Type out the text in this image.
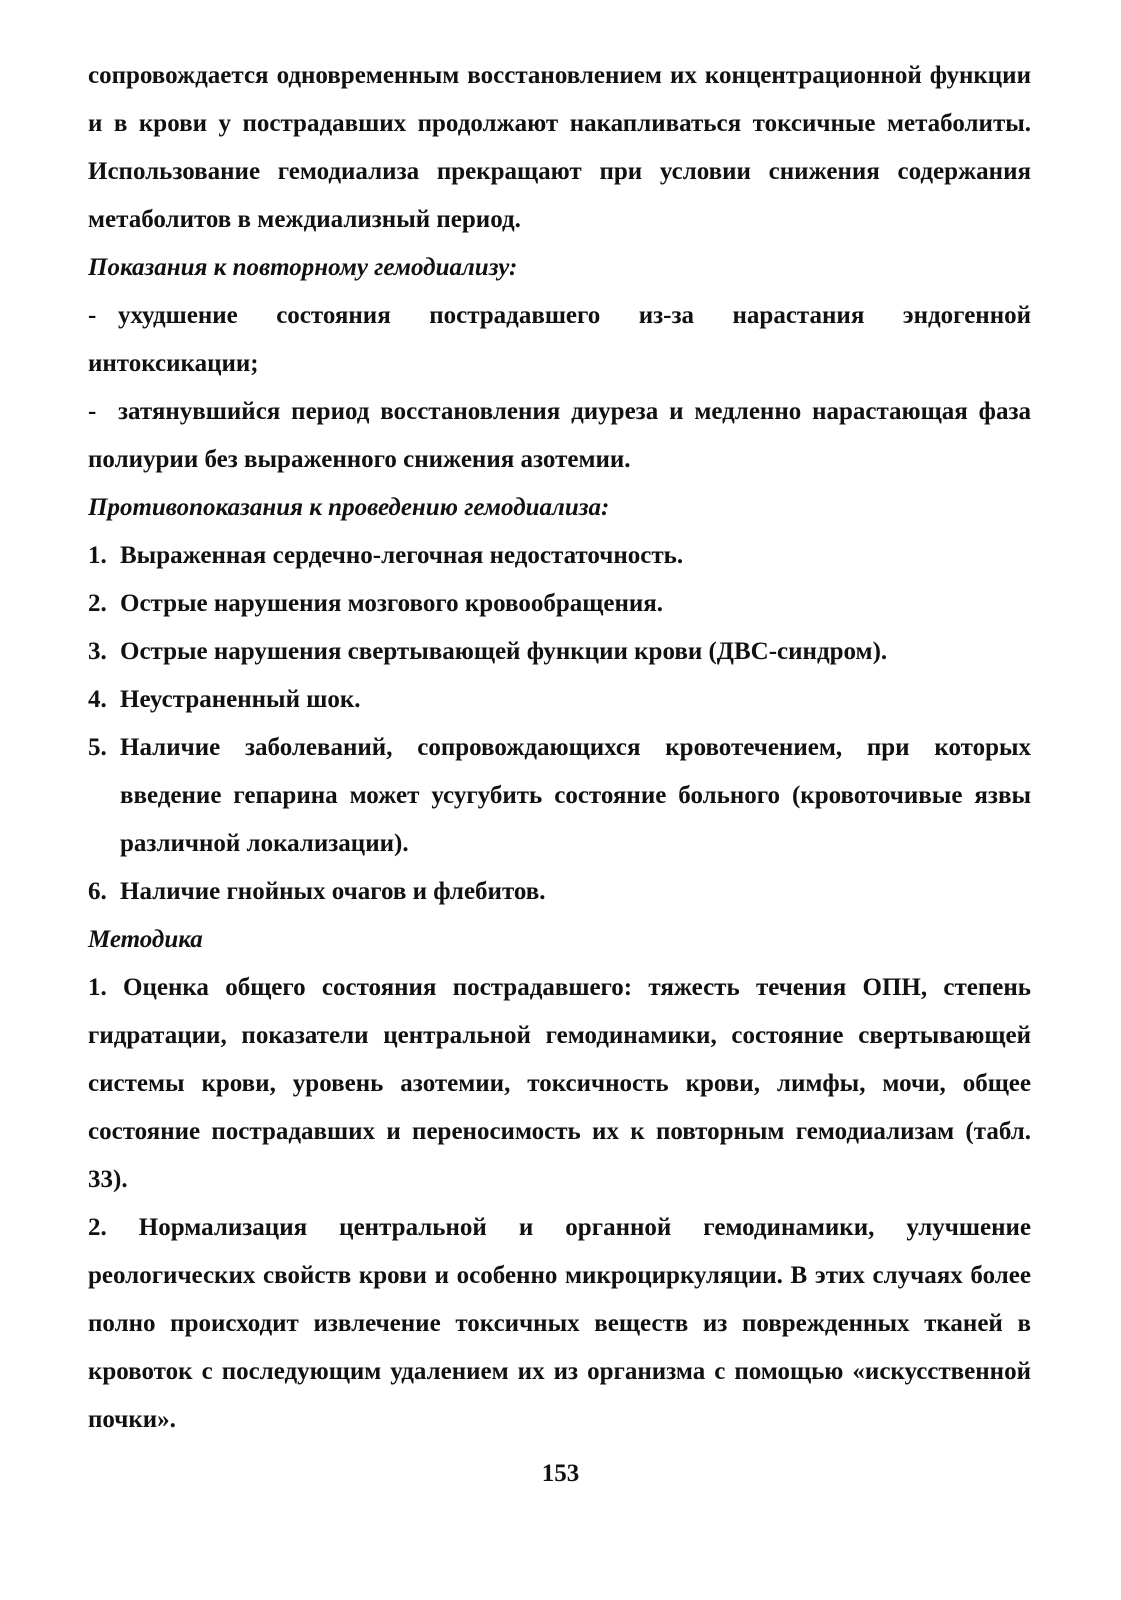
сопровождается одновременным восстановлением их концентрационной функции и в крови у пострадавших продолжают накапливаться токсичные метаболиты. Использование гемодиализа прекращают при условии снижения содержания метаболитов в междиализный период.

Показания к повторному гемодиализу:

- ухудшение состояния пострадавшего из-за нарастания эндогенной интоксикации;

- затянувшийся период восстановления диуреза и медленно нарастающая фаза полиурии без выраженного снижения азотемии.

Противопоказания к проведению гемодиализа:

1. Выраженная сердечно-легочная недостаточность.
2. Острые нарушения мозгового кровообращения.
3. Острые нарушения свертывающей функции крови (ДВС-синдром).
4. Неустраненный шок.
5. Наличие заболеваний, сопровождающихся кровотечением, при которых введение гепарина может усугубить состояние больного (кровоточивые язвы различной локализации).
6. Наличие гнойных очагов и флебитов.

Методика

1. Оценка общего состояния пострадавшего: тяжесть течения ОПН, степень гидратации, показатели центральной гемодинамики, состояние свертывающей системы крови, уровень азотемии, токсичность крови, лимфы, мочи, общее состояние пострадавших и переносимость их к повторным гемодиализам (табл. 33).

2. Нормализация центральной и органной гемодинамики, улучшение реологических свойств крови и особенно микроциркуляции. В этих случаях более полно происходит извлечение токсичных веществ из поврежденных тканей в кровоток с последующим удалением их из организма с помощью «искусственной почки».

153
